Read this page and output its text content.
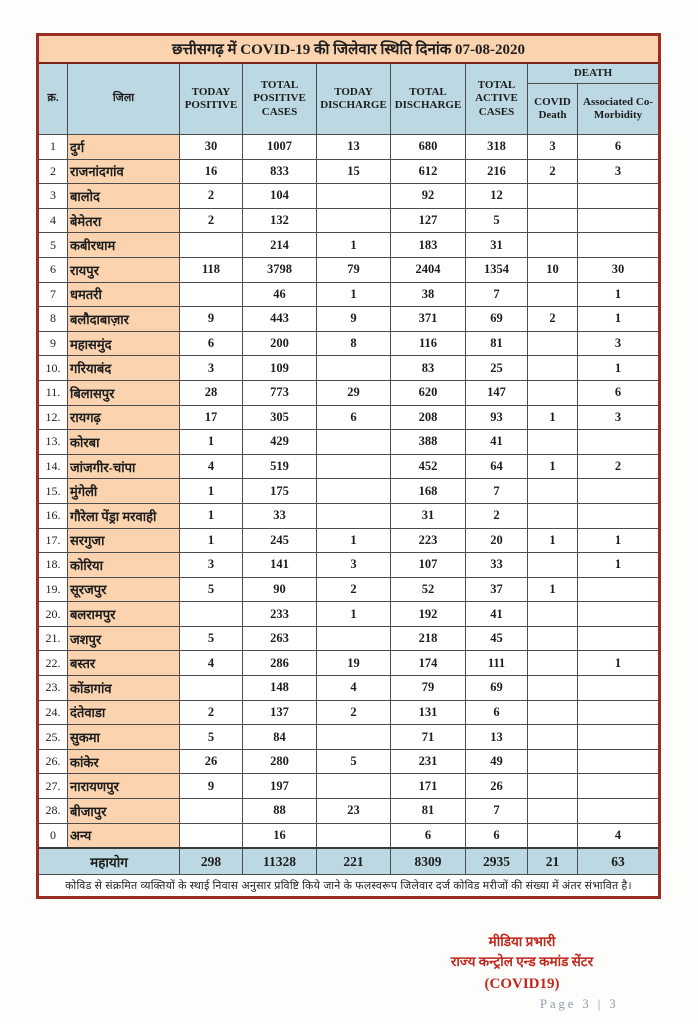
छत्तीसगढ़ में COVID-19 की जिलेवार स्थिति दिनांक 07-08-2020								
क्र.	जिला	TODAY POSITIVE	TOTAL POSITIVE CASES	TODAY DISCHARGE	TOTAL DISCHARGE	TOTAL ACTIVE CASES	DEATH	
							COVID Death	Associated Co-Morbidity
1	दुर्ग	30	1007	13	680	318	3	6
2	राजनांदगांव	16	833	15	612	216	2	3
3	बालोद	2	104		92	12		
4	बेमेतरा	2	132		127	5		
5	कबीरधाम		214	1	183	31		
6	रायपुर	118	3798	79	2404	1354	10	30
7	धमतरी		46	1	38	7		1
8	बलौदाबाज़ार	9	443	9	371	69	2	1
9	महासमुंद	6	200	8	116	81		3
10.	गरियाबंद	3	109		83	25		1
11.	बिलासपुर	28	773	29	620	147		6
12.	रायगढ़	17	305	6	208	93	1	3
13.	कोरबा	1	429		388	41		
14.	जांजगीर-चांपा	4	519		452	64	1	2
15.	मुंगेली	1	175		168	7		
16.	गौरेला पेंड्रा मरवाही	1	33		31	2		
17.	सरगुजा	1	245	1	223	20	1	1
18.	कोरिया	3	141	3	107	33		1
19.	सूरजपुर	5	90	2	52	37	1	
20.	बलरामपुर		233	1	192	41		
21.	जशपुर	5	263		218	45		
22.	बस्तर	4	286	19	174	111		1
23.	कोंडागांव		148	4	79	69		
24.	दंतेवाडा	2	137	2	131	6		
25.	सुकमा	5	84		71	13		
26.	कांकेर	26	280	5	231	49		
27.	नारायणपुर	9	197		171	26		
28.	बीजापुर		88	23	81	7		
0	अन्य		16		6	6		4
महायोग		298	11328	221	8309	2935	21	63
कोविड से संक्रमित व्यक्तियों के स्थाई निवास अनुसार प्रविष्टि किये जाने के फलस्वरूप जिलेवार दर्ज कोविड मरीजों की संख्या में अंतर संभावित है।								
मीडिया प्रभारी
राज्य कन्ट्रोल एन्ड कमांड सेंटर
(COVID19)
Page 3 | 3
